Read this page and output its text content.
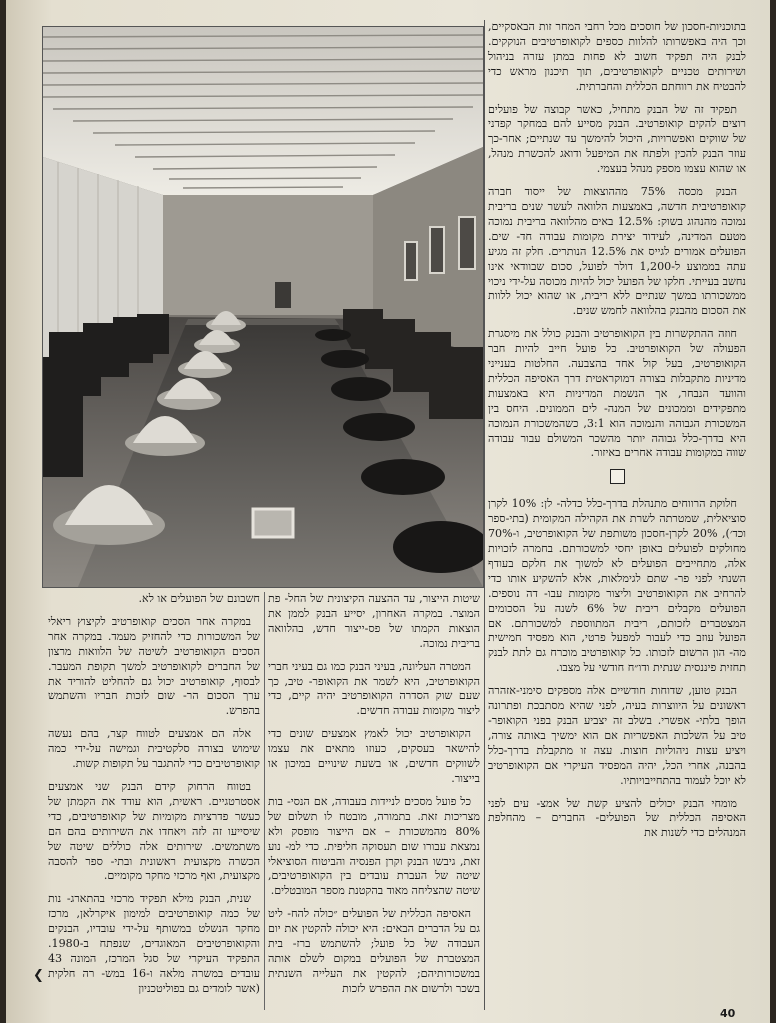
בתוכניות-חסכון של חוסכים מכל רחבי המחר זות הבאסקיים, וכך היה באפשרותו להלוות כספים לקואופרטיבים הנוקקים. לבנק היה תפקיד חשוב לא פחות במתן עזרה בניהול ושירותים טכניים לקואופרטיבים, תוך תיכנון מראש כדי להבטיח את רווחתם הכללית והחברתית.

תפקיד זה של הבנק מתחיל, כאשר קבוצה של פועלים רוצים להקים קואופרטיב. הבנק מסייע להם במחקר קפדני של שווקים ואפשרויות, היכול להימשך עד שנתיים; אחר-כך עוזר הבנק להכין ולפתח את המיפעל ודואג להכשרת מנהל, או שהוא עצמו מספק מנהל בעצמי.

הבנק מכסה 75% מההוצאות של ייסוד חברה קואופרטיבית חדשה, באמצעות הלוואה לעשר שנים בריבית נמוכה מהנהוג בשוק: 12.5% באים מהלוואה בריבית נמוכה מטעם המדינה, לעידוד יצירת מקומות עבודה חד- שים. הפועלים אמורים לגייס את 12.5% הנותרים. חלק זה מגיע עתה בממוצע ל-1,200 דולר לפועל, סכום שבוודאי אינו נחשב בעייתי. חלקו של הפועל יכול להיות מכוסה על-ידי ניכוי ממשכורתו במשך שנתיים ללא ריבית, או שהוא יכול ללוות את הסכום מהבנק בהלוואה לחמש שנים.

חוזה ההתקשרות בין הקואופרטיב והבנק כולל את מיסגרת הפעולה של הקואופרטיב. כל פועל חייב להיות חבר הקואופרטיב, בעל קול אחד בהצבעה. החלטות בענייני מדיניות מתקבלות בצורה דמוקראטית דרך האסיפה הכללית והוועד הנבחר, אך הנשמת המדיניות היא באמצעות מתפקידים וממכונים של המנה- לים הממונים. היחס בין המשכורת הגבוהה והנמוכה הוא 3:1, כשהמשכורת הנמוכה היא בדרך-כלל גבוהה יותר מהשכר המשולם עבור עבודה שווה במקומות עבודה אחרים באיזור.

חלוקת הרווחים מתנהלת בדרך-כלל כדלה- לן: 10% לקרן סוציאלית, שמטרתה לשרת את הקהילה המקומית (בתי-ספר וכד׳), 20% לקרן-חסכון משותפת של הקואופרטיב, ו-70% מחולקים לפועלים באופן יחסי למשכורתם. בחמרה לזכויות אלה, מתחייבים הפועלים לא למשוך את חלקם בעודף השנתי לפני פר- שתם לגימלאות, אלא להשקיע אותו כדי להרחיב את הקואופרטיב וליצור מקומות עבו- דה נוספים. הפועלים מקבלים ריבית של 6% לשנה על הסכומים המצטברים לזכותם, ריבית המתווספת למשכורתם. אם הפועל עוזב כדי לעבור למפעל פרטי, הוא מפסיד חמישית מה- הון הרשום לזכותו. כל קואופרטיב מוכרח גם לתת לבנק תחזית פיננסית שנתית ודו״ח חודשי על מצבו.

הבנק טוען, שדוחות חודשיים אלה מספקים סימני-אזהרה ראשונים על היווצרות בעיה, לפני שהיא מסתבכת ופתרונה הופך בלתי- אפשרי. בשלב זה יצביע הבנק בפני הקואופר- טיב על השלכות האפשריות אם הוא ימשיך באותה צורה, ויציע עצות ניהוליות חוצות. עצה זו מתקבלת בדרך-כלל בהבנה, אחרי הכל, יהיה המפסיד העיקרי אם הקואופרטיב לא יוכל לעמוד בהתחייבויותיו.

מומחי הבנק יכולים להציע קשת של אמצ- עים לפני האסיפה הכללית של הפועלים- החברים – מהחלפת המנהלים כדי לשנות את

שיטות הייצור, עד ההצעה הקיצונית של החל- פת המוצר. במקרה האחרון, יסייע הבנק לממן את הוצאות הקמתו של פס-ייצור חדש, בהלוואה בריבית נמוכה.

המטרה העליונה, בעיני הבנק כמו גם בעיני חברי הקואופרטיב, היא לשמר את הקואופר- טיב, כך שעם שוק הסדרה הקואופרטיב יהיה קיים, כדי ליצור מקומות עבודה חדשים.

הקואופרטיב יכול לאמץ אמצעים שונים כדי להישאר בעסקים, כעוזו מתאים את עצמו לשווקים חדשים, או בשעת שינויים במיכון או בייצור.

כל פועל מסכים לניידות בעבודה, אם הנסי- בות מצריכות זאת. בתמורה, מובטח לו תשלום של 80% מהמשכורת – אם הייצור מופסק ולא נמצאת עבורו שום תעסוקה חליפית. כדי למ- נוע זאת, גיבשו הבנק וקרן הפנסיה והביטוח הסוציאלי שיטה של העברת עובדים בין הקואופרטיבים, שיטה שהצליחה מאוד בהקטנת מספר המובטלים.

האסיפה הכללית של הפועלים ״כולה להח- ליט גם על הדברים הבאים: היא יכולה להקטין את יום העבודה של כל פועל; להשתמש ברז- בית המצטברת של הפועלים במקום לשלם אותה במשכורותיהם; להקטין את העלייה השנתית בשכר ולרשום את ההפרש לזכות

חשבונם של הפועלים או לא.

במקרה אחר הסכים קואופרטיב לקיצוץ ריאלי של המשכורות כדי להחזיק מעמד. במקרה אחר הסכים הקואופרטיב לשיטה של הלוואות מרצון של החברים לקואופרטיב למשך תקופת המעבר. לבסוף, קואופרטיב יכול גם להחליט להוריד את ערך הסכום הר- שום לזכות חבריו והשתמש בהפרש.

אלה הם אמצעים לטווח קצר, בהם נעשה שימוש בצורה סלקטיבית וגמישה על-ידי כמה קואופרטיבים כדי להתגבר על תקופות קשות.

בטווח הרחוק קידם הבנק שני אמצעים אסטרטגיים. ראשית, הוא עודד את הקמתן של כעשר פדרציות מקומיות של קואופרטיבים, כדי שיסייעו זה לזה ויאחדו את השירותים בהם הם משתמשים. שירותים אלה כוללים שיטה של הכשרה מקצועית ראשונית ובתי- ספר להסבה מקצועית, ואף מרכזי מחקר מקומיים.

שנית, הבנק מילא תפקיד מרכזי בהתארג- נות של כמה קואופרטיבים למימון איקרלאן, מרכז מחקר הנשלט במשותף על-ידי עובדיו, הבנקים והקואופרטיבים המאוגדים, שנפתח ב-1980. התפקיד העיקרי של סגל המרכז, המונה 43 עובדים במשרה מלאה ו-16 במש- רה חלקית (אשר לומדים גם בפוליטכניון

❮
40
